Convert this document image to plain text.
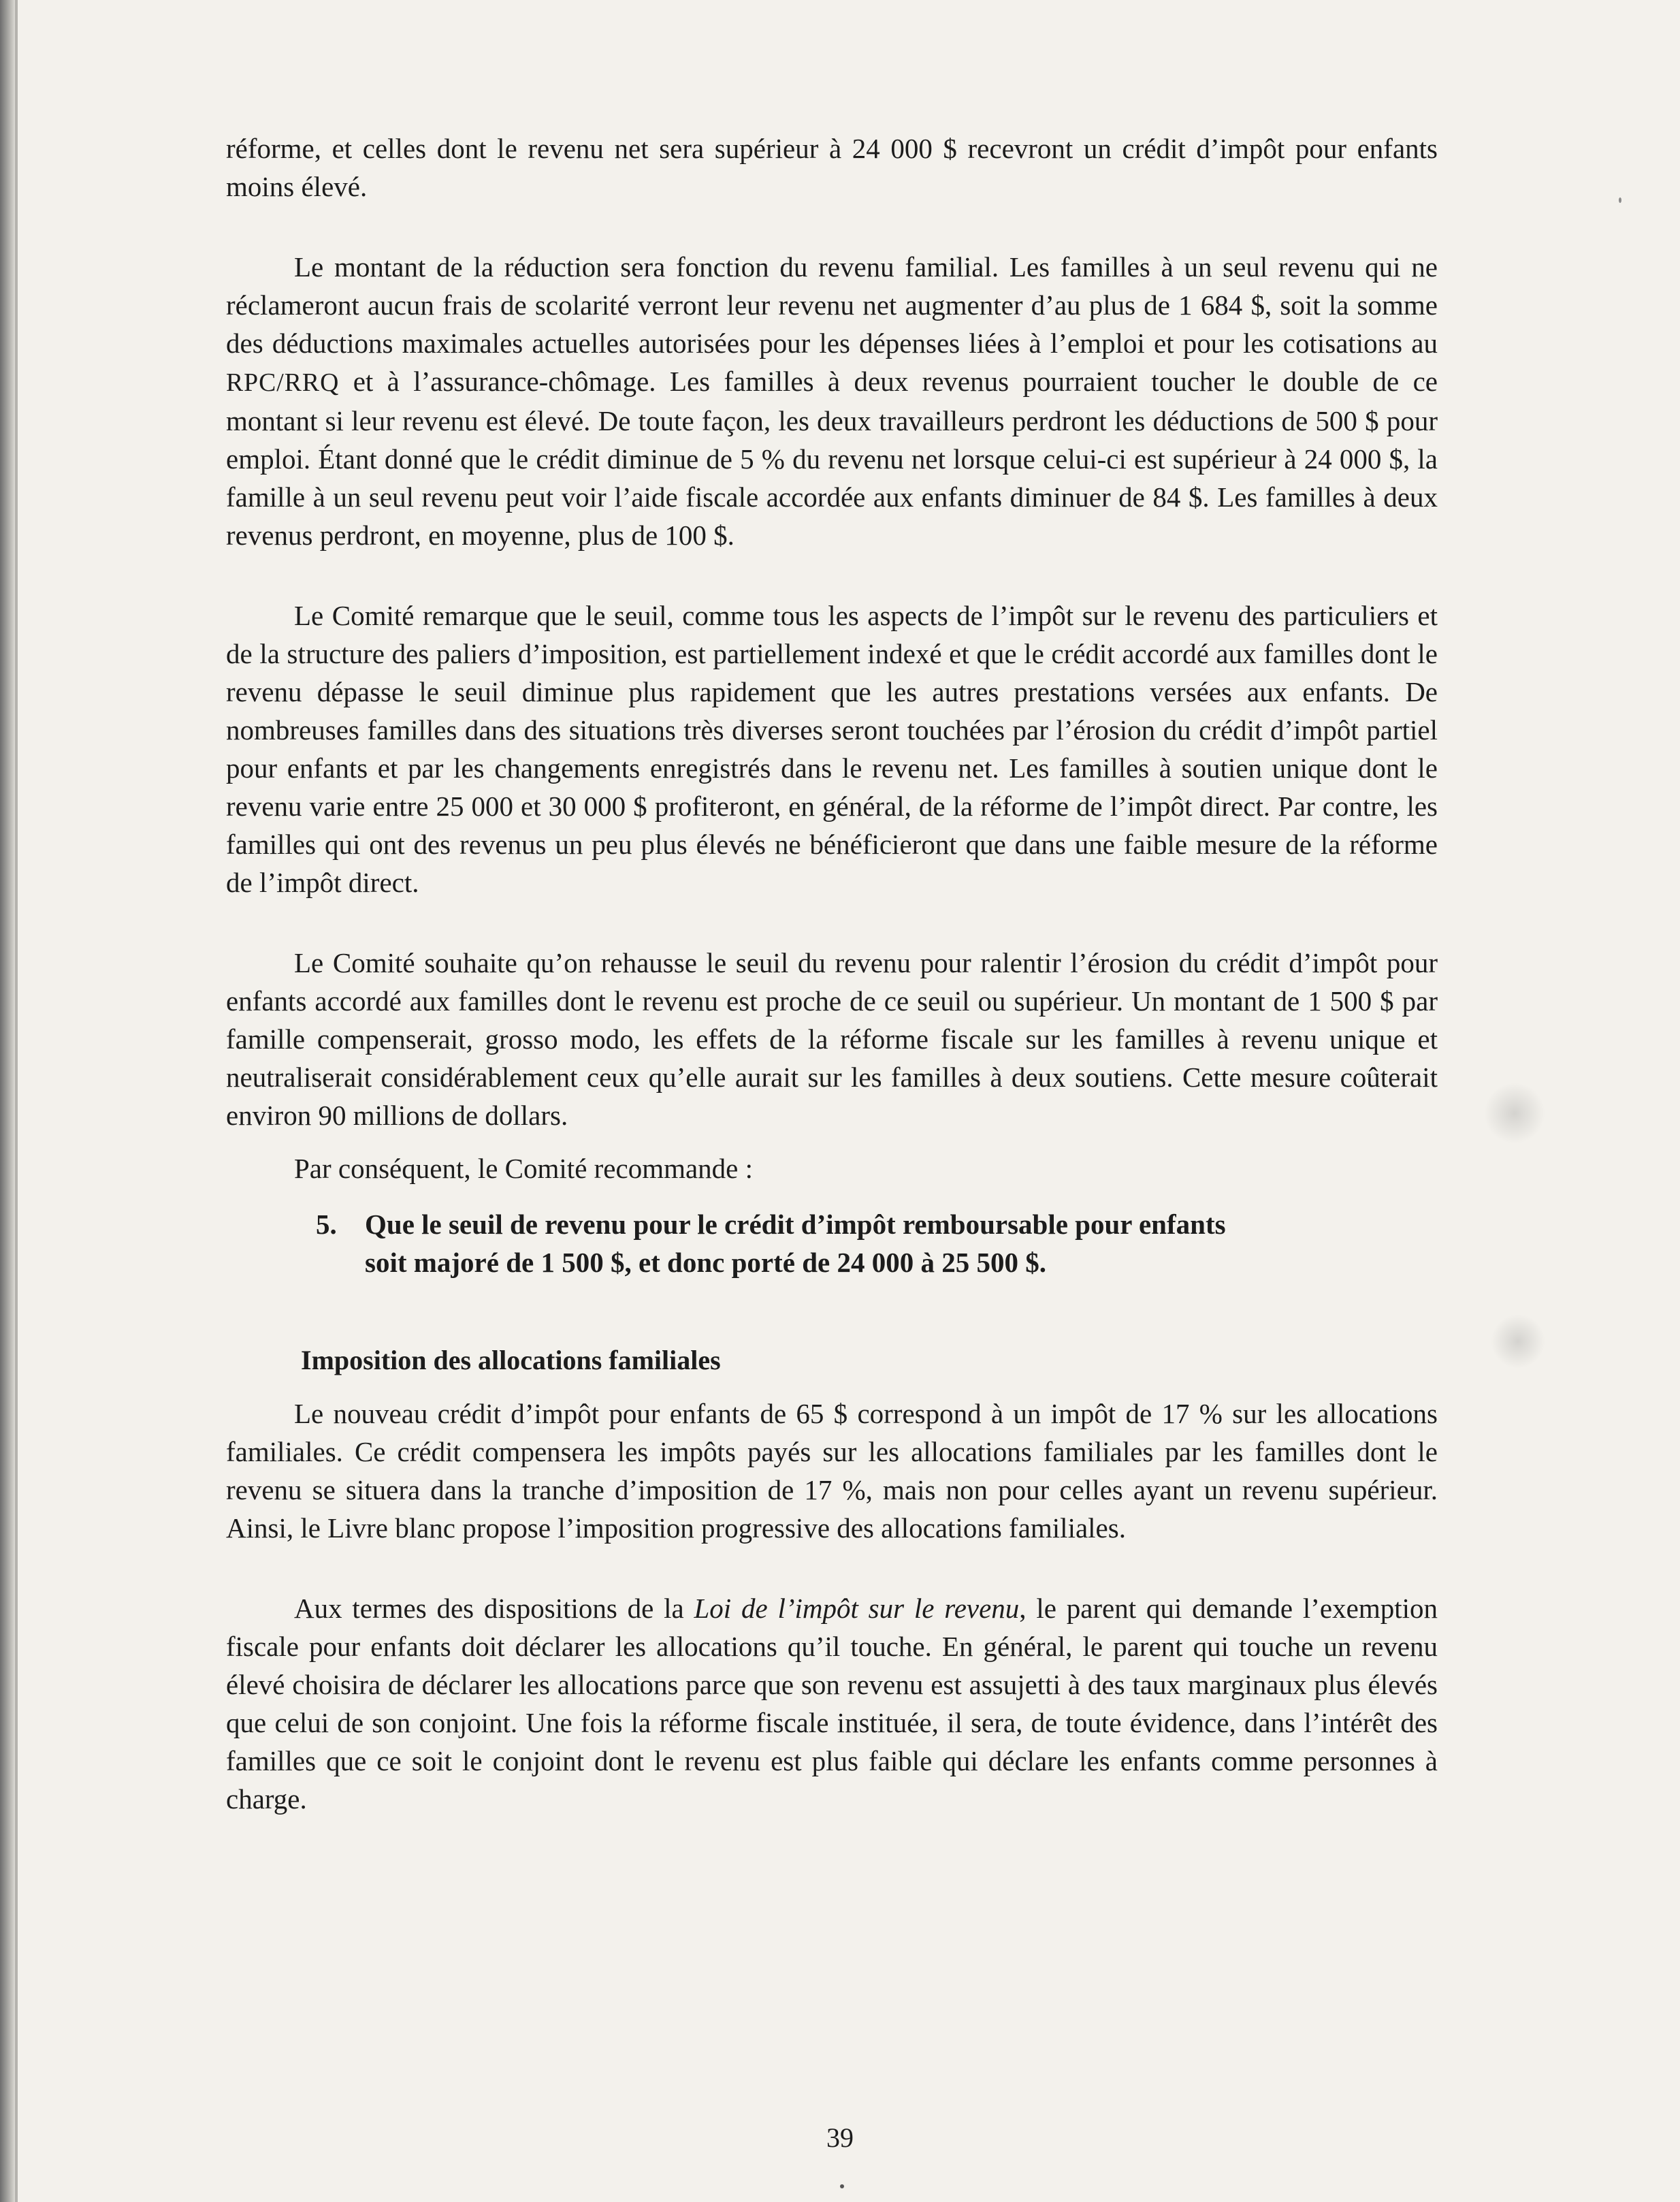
réforme, et celles dont le revenu net sera supérieur à 24 000 $ recevront un crédit d’impôt pour enfants moins élevé.

Le montant de la réduction sera fonction du revenu familial. Les familles à un seul revenu qui ne réclameront aucun frais de scolarité verront leur revenu net augmenter d’au plus de 1 684 $, soit la somme des déductions maximales actuelles autorisées pour les dépenses liées à l’emploi et pour les cotisations au RPC/RRQ et à l’assurance-chômage. Les familles à deux revenus pourraient toucher le double de ce montant si leur revenu est élevé. De toute façon, les deux travailleurs perdront les déductions de 500 $ pour emploi. Étant donné que le crédit diminue de 5 % du revenu net lorsque celui-ci est supérieur à 24 000 $, la famille à un seul revenu peut voir l’aide fiscale accordée aux enfants diminuer de 84 $. Les familles à deux revenus perdront, en moyenne, plus de 100 $.

Le Comité remarque que le seuil, comme tous les aspects de l’impôt sur le revenu des particuliers et de la structure des paliers d’imposition, est partiellement indexé et que le crédit accordé aux familles dont le revenu dépasse le seuil diminue plus rapidement que les autres prestations versées aux enfants. De nombreuses familles dans des situations très diverses seront touchées par l’érosion du crédit d’impôt partiel pour enfants et par les changements enregistrés dans le revenu net. Les familles à soutien unique dont le revenu varie entre 25 000 et 30 000 $ profiteront, en général, de la réforme de l’impôt direct. Par contre, les familles qui ont des revenus un peu plus élevés ne bénéficieront que dans une faible mesure de la réforme de l’impôt direct.

Le Comité souhaite qu’on rehausse le seuil du revenu pour ralentir l’érosion du crédit d’impôt pour enfants accordé aux familles dont le revenu est proche de ce seuil ou supérieur. Un montant de 1 500 $ par famille compenserait, grosso modo, les effets de la réforme fiscale sur les familles à revenu unique et neutraliserait considérablement ceux qu’elle aurait sur les familles à deux soutiens. Cette mesure coûterait environ 90 millions de dollars.

Par conséquent, le Comité recommande :

5.	Que le seuil de revenu pour le crédit d’impôt remboursable pour enfants soit majoré de 1 500 $, et donc porté de 24 000 à 25 500 $.
Imposition des allocations familiales

Le nouveau crédit d’impôt pour enfants de 65 $ correspond à un impôt de 17 % sur les allocations familiales. Ce crédit compensera les impôts payés sur les allocations familiales par les familles dont le revenu se situera dans la tranche d’imposition de 17 %, mais non pour celles ayant un revenu supérieur. Ainsi, le Livre blanc propose l’imposition progressive des allocations familiales.

Aux termes des dispositions de la Loi de l’impôt sur le revenu, le parent qui demande l’exemption fiscale pour enfants doit déclarer les allocations qu’il touche. En général, le parent qui touche un revenu élevé choisira de déclarer les allocations parce que son revenu est assujetti à des taux marginaux plus élevés que celui de son conjoint. Une fois la réforme fiscale instituée, il sera, de toute évidence, dans l’intérêt des familles que ce soit le conjoint dont le revenu est plus faible qui déclare les enfants comme personnes à charge.

39
